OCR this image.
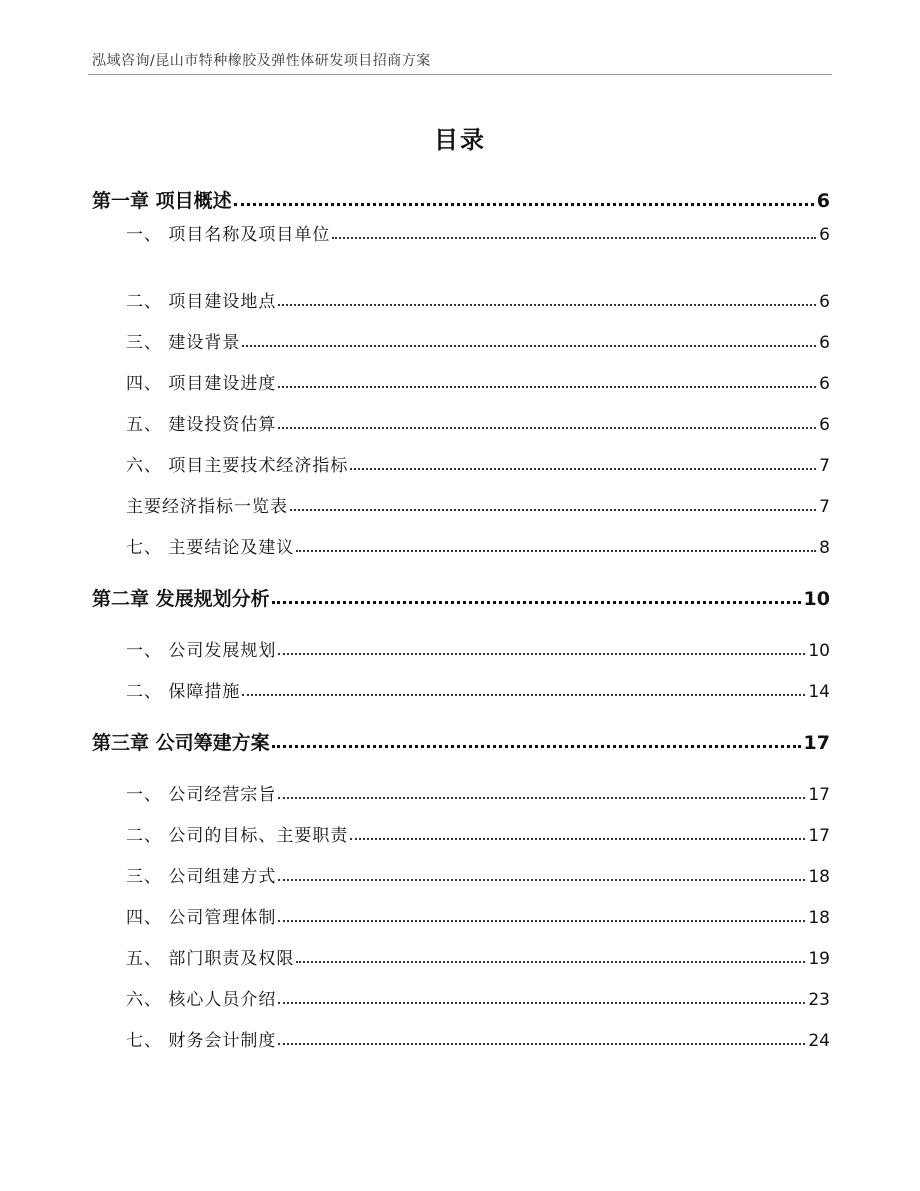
泓域咨询/昆山市特种橡胶及弹性体研发项目招商方案
目录
第一章 项目概述	6
一、 项目名称及项目单位	6
二、 项目建设地点	6
三、 建设背景	6
四、 项目建设进度	6
五、 建设投资估算	6
六、 项目主要技术经济指标	7
主要经济指标一览表	7
七、 主要结论及建议	8
第二章 发展规划分析	10
一、 公司发展规划	10
二、 保障措施	14
第三章 公司筹建方案	17
一、 公司经营宗旨	17
二、 公司的目标、主要职责	17
三、 公司组建方式	18
四、 公司管理体制	18
五、 部门职责及权限	19
六、 核心人员介绍	23
七、 财务会计制度	24
